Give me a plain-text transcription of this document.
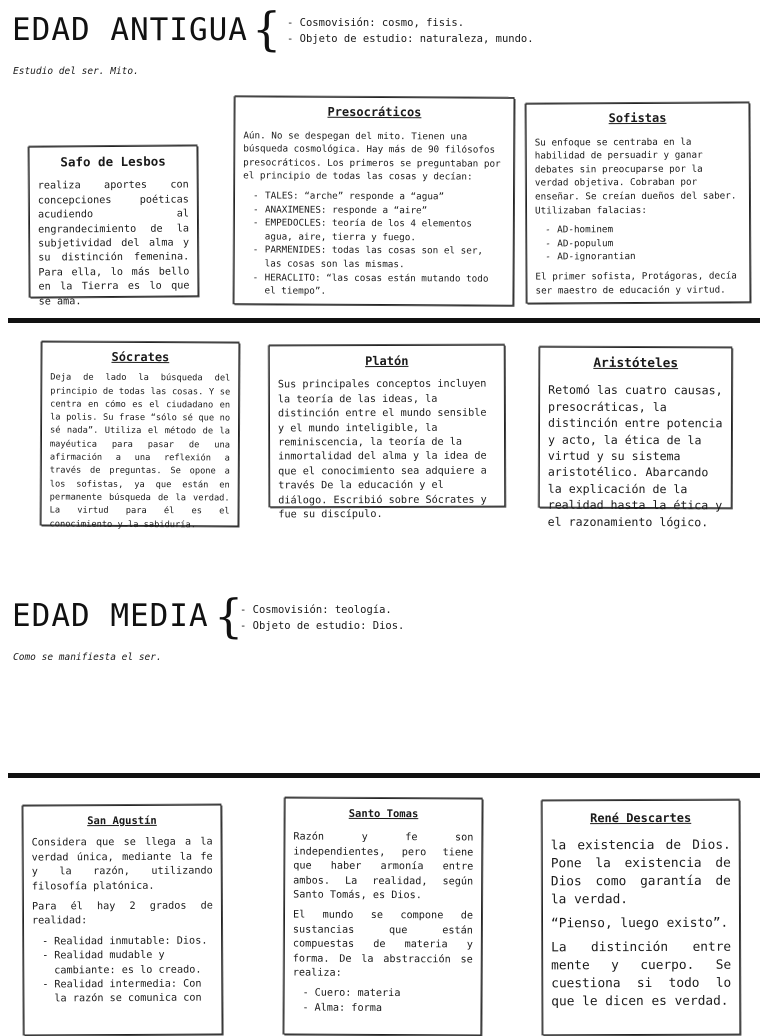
EDAD ANTIGUA {	- Cosmovisión: cosmo, fisis.
- Objeto de estudio: naturaleza, mundo.
Estudio del ser. Mito.
Safo de Lesbos

realiza aportes con concepciones poéticas acudiendo al engrandecimiento de la subjetividad del alma y su distinción femenina. Para ella, lo más bello en la Tierra es lo que se ama.

Presocráticos

Aún. No se despegan del mito. Tienen una búsqueda cosmológica. Hay más de 90 filósofos presocráticos. Los primeros se preguntaban por el principio de todas las cosas y decían:

- TALES: “arche” responde a “agua”
- ANAXIMENES: responde a “aire”
- EMPEDOCLES: teoría de los 4 elementos agua, aire, tierra y fuego.
- PARMENIDES: todas las cosas son el ser, las cosas son las mismas.
- HERACLITO: “las cosas están mutando todo el tiempo”.
Sofistas

Su enfoque se centraba en la habilidad de persuadir y ganar debates sin preocuparse por la verdad objetiva. Cobraban por enseñar. Se creían dueños del saber. Utilizaban falacias:

- AD-hominem
- AD-populum
- AD-ignorantian

El primer sofista, Protágoras, decía ser maestro de educación y virtud.

Sócrates

Deja de lado la búsqueda del principio de todas las cosas. Y se centra en cómo es el ciudadano en la polis. Su frase “sólo sé que no sé nada”. Utiliza el método de la mayéutica para pasar de una afirmación a una reflexión a través de preguntas. Se opone a los sofistas, ya que están en permanente búsqueda de la verdad. La virtud para él es el conocimiento y la sabiduría.

Platón

Sus principales conceptos incluyen la teoría de las ideas, la distinción entre el mundo sensible y el mundo inteligible, la reminiscencia, la teoría de la inmortalidad del alma y la idea de que el conocimiento sea adquiere a través De la educación y el diálogo. Escribió sobre Sócrates y fue su discípulo.

Aristóteles

Retomó las cuatro causas, presocráticas, la distinción entre potencia y acto, la ética de la virtud y su sistema aristotélico. Abarcando la explicación de la realidad hasta la ética y el razonamiento lógico.

EDAD MEDIA { - Cosmovisión: teología.
- Objeto de estudio: Dios.
Como se manifiesta el ser.
San Agustín

Considera que se llega a la verdad única, mediante la fe y la razón, utilizando filosofía platónica.

Para él hay 2 grados de realidad:

- Realidad inmutable: Dios.
- Realidad mudable y cambiante: es lo creado.
- Realidad intermedia: Con la razón se comunica con
Santo Tomas

Razón y fe son independientes, pero tiene que haber armonía entre ambos. La realidad, según Santo Tomás, es Dios.

El mundo se compone de sustancias que están compuestas de materia y forma. De la abstracción se realiza:

- Cuero: materia
- Alma: forma
René Descartes

la existencia de Dios. Pone la existencia de Dios como garantía de la verdad.

“Pienso, luego existo”.

La distinción entre mente y cuerpo. Se cuestiona si todo lo que le dicen es verdad.
